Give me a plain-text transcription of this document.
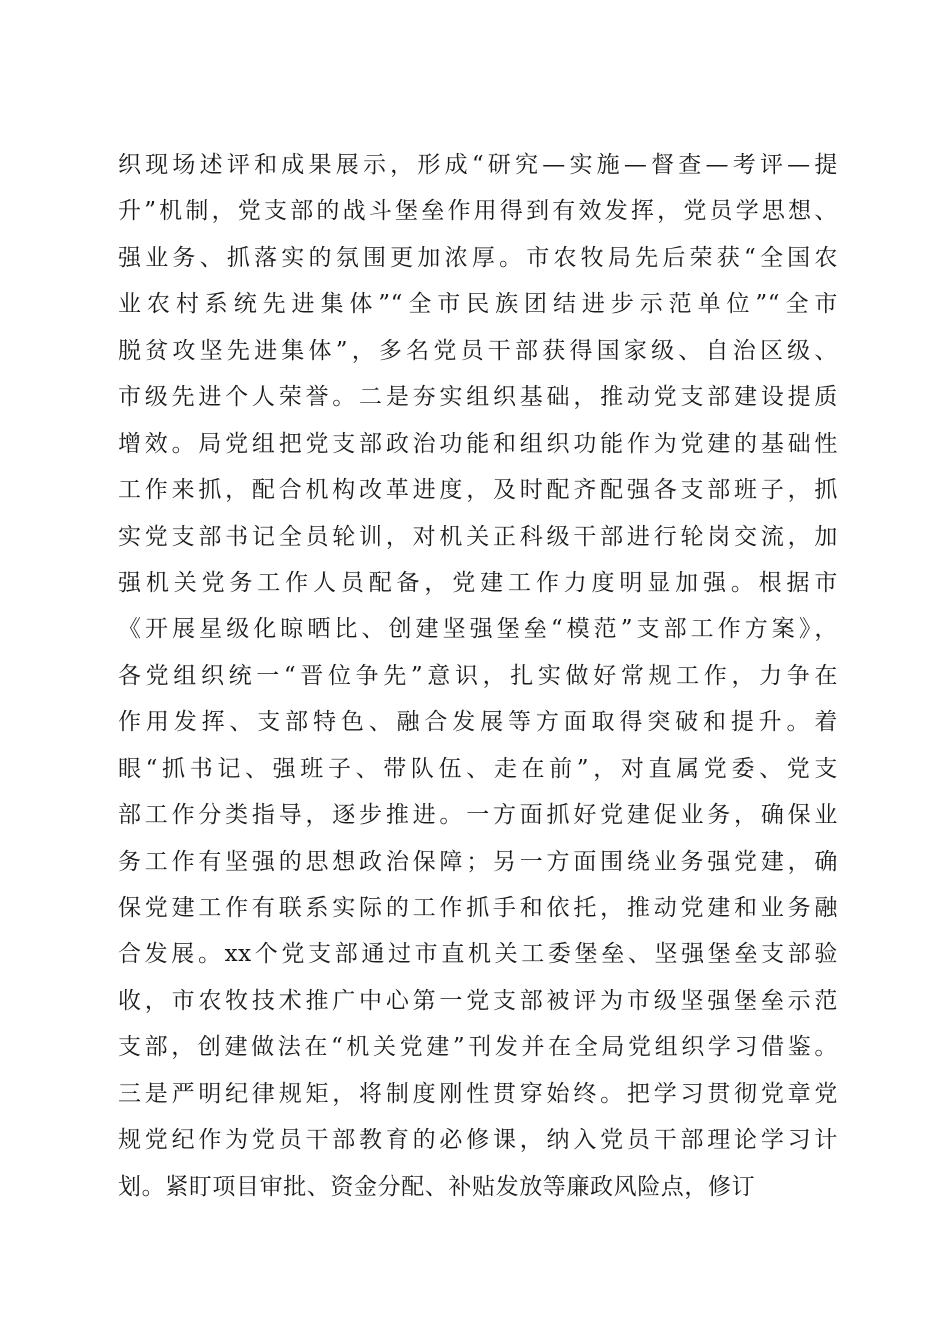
织现场述评和成果展示，形成“研究—实施—督查—考评—提
升”机制，党支部的战斗堡垒作用得到有效发挥，党员学思想、
强业务、抓落实的氛围更加浓厚。市农牧局先后荣获“全国农
业农村系统先进集体”“全市民族团结进步示范单位”“全市
脱贫攻坚先进集体”，多名党员干部获得国家级、自治区级、
市级先进个人荣誉。二是夯实组织基础，推动党支部建设提质
增效。局党组把党支部政治功能和组织功能作为党建的基础性
工作来抓，配合机构改革进度，及时配齐配强各支部班子，抓
实党支部书记全员轮训，对机关正科级干部进行轮岗交流，加
强机关党务工作人员配备，党建工作力度明显加强。根据市
《开展星级化晾晒比、创建坚强堡垒“模范”支部工作方案》，
各党组织统一“晋位争先”意识，扎实做好常规工作，力争在
作用发挥、支部特色、融合发展等方面取得突破和提升。着
眼“抓书记、强班子、带队伍、走在前”，对直属党委、党支
部工作分类指导，逐步推进。一方面抓好党建促业务，确保业
务工作有坚强的思想政治保障；另一方面围绕业务强党建，确
保党建工作有联系实际的工作抓手和依托，推动党建和业务融
合发展。xx个党支部通过市直机关工委堡垒、坚强堡垒支部验
收，市农牧技术推广中心第一党支部被评为市级坚强堡垒示范
支部，创建做法在“机关党建”刊发并在全局党组织学习借鉴。
三是严明纪律规矩，将制度刚性贯穿始终。把学习贯彻党章党
规党纪作为党员干部教育的必修课，纳入党员干部理论学习计
划。紧盯项目审批、资金分配、补贴发放等廉政风险点，修订
